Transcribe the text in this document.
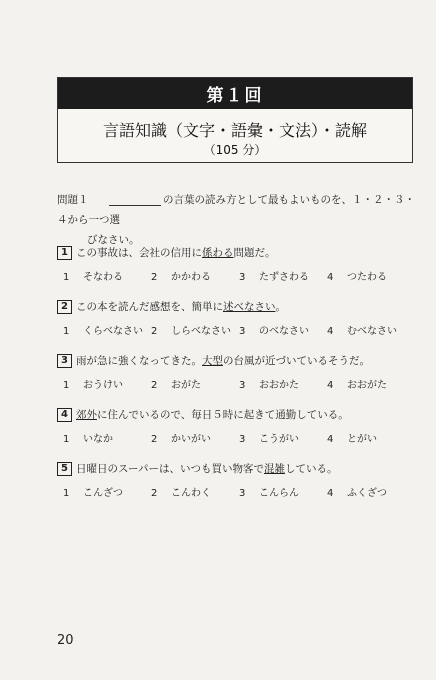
第１回
言語知識（文字・語彙・文法）・読解
（105 分）
問題１	の言葉の読み方として最もよいものを、１・２・３・４から一つ選
びなさい。
1 この事故は、会社の信用に係わる問題だ。
1 そなわる	2 かかわる	3 たずさわる	4 つたわる
2 この本を読んだ感想を、簡単に述べなさい。
1 くらべなさい 2 しらべなさい 3 のべなさい	4 むべなさい
3 雨が急に強くなってきた。大型の台風が近づいているそうだ。
1 おうけい	2 おがた	3 おおかた	4 おおがた
4 郊外に住んでいるので、毎日５時に起きて通勤している。
1 いなか	2 かいがい	3 こうがい	4 とがい
5 日曜日のスーパーは、いつも買い物客で混雑している。
1 こんざつ	2 こんわく	3 こんらん	4 ふくざつ
20
